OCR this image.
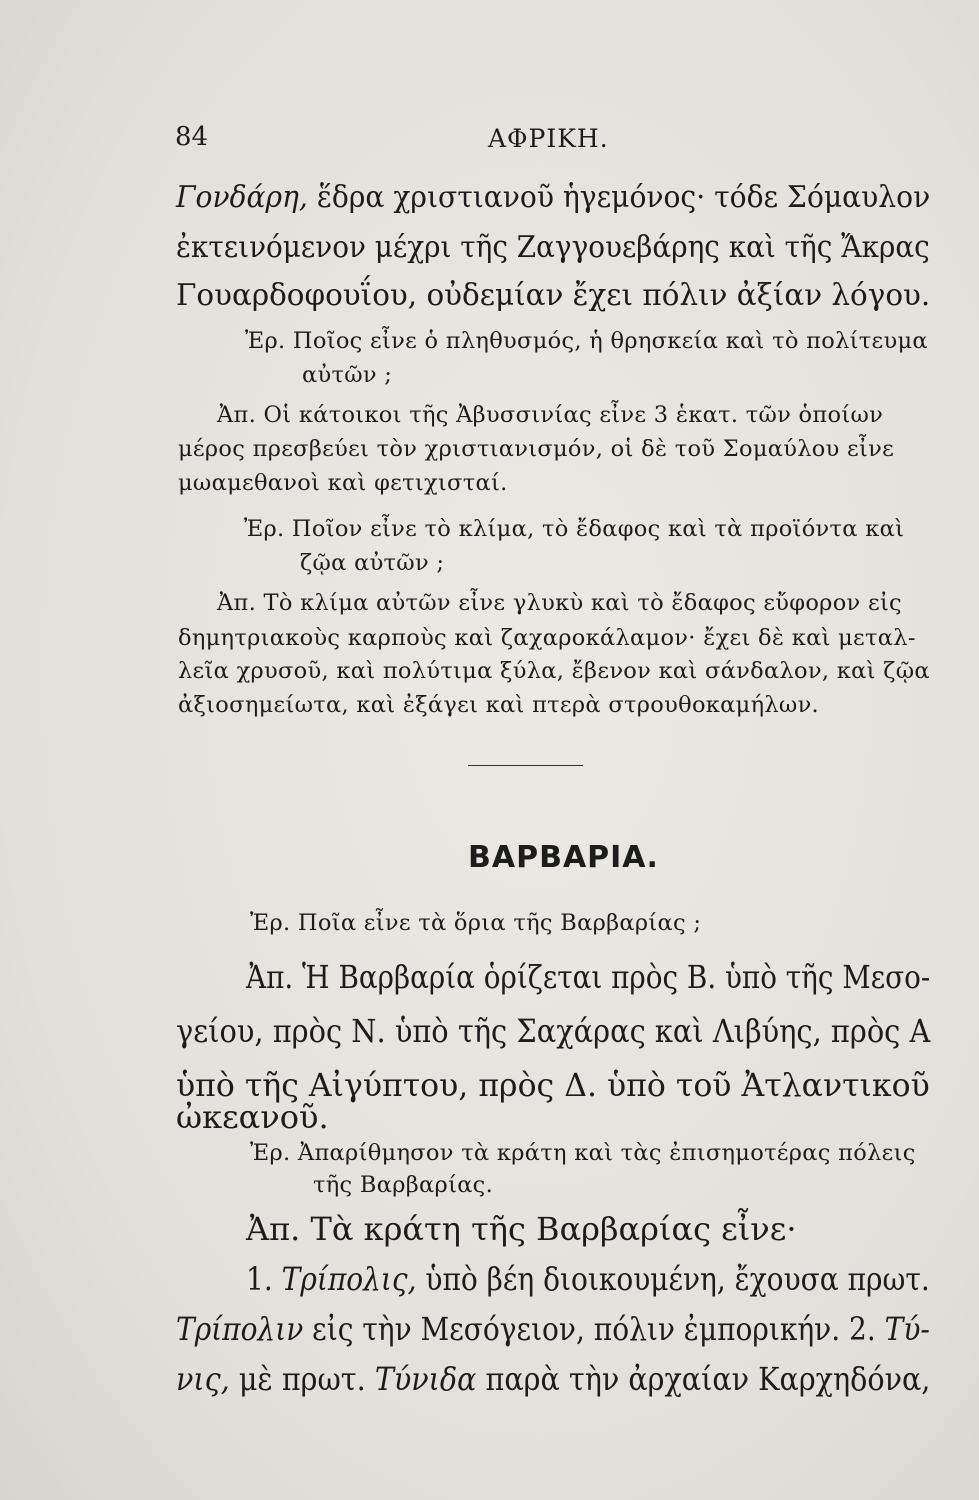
84	ΑΦΡΙΚΗ.
Γονδάρη, ἕδρα χριστιανοῦ ἡγεμόνος· τόδε Σόμαυλον
ἐκτεινόμενον μέχρι τῆς Ζαγγουεβάρης καὶ τῆς Ἄκρας
Γουαρδοφουΐου, οὐδεμίαν ἔχει πόλιν ἀξίαν λόγου.
Ἐρ. Ποῖος εἶνε ὁ πληθυσμός, ἡ θρησκεία καὶ τὸ πολίτευμα
αὐτῶν ;
Ἀπ. Οἱ κάτοικοι τῆς Ἀβυσσινίας εἶνε 3 ἑκατ. τῶν ὁποίων
μέρος πρεσβεύει τὸν χριστιανισμόν, οἱ δὲ τοῦ Σομαύλου εἶνε
μωαμεθανοὶ καὶ φετιχισταί.
Ἐρ. Ποῖον εἶνε τὸ κλίμα, τὸ ἔδαφος καὶ τὰ προϊόντα καὶ
ζῷα αὐτῶν ;
Ἀπ. Τὸ κλίμα αὐτῶν εἶνε γλυκὺ καὶ τὸ ἔδαφος εὔφορον εἰς
δημητριακοὺς καρποὺς καὶ ζαχαροκάλαμον· ἔχει δὲ καὶ μεταλ-
λεῖα χρυσοῦ, καὶ πολύτιμα ξύλα, ἔβενον καὶ σάνδαλον, καὶ ζῷα
ἀξιοσημείωτα, καὶ ἐξάγει καὶ πτερὰ στρουθοκαμήλων.
ΒΑΡΒΑΡΙΑ.
Ἐρ. Ποῖα εἶνε τὰ ὅρια τῆς Βαρβαρίας ;
Ἀπ. Ἡ Βαρβαρία ὁρίζεται πρὸς Β. ὑπὸ τῆς Μεσο-
γείου, πρὸς Ν. ὑπὸ τῆς Σαχάρας καὶ Λιβύης, πρὸς Α
ὑπὸ τῆς Αἰγύπτου, πρὸς Δ. ὑπὸ τοῦ Ἀτλαντικοῦ
ὠκεανοῦ.
Ἐρ. Ἀπαρίθμησον τὰ κράτη καὶ τὰς ἐπισημοτέρας πόλεις
τῆς Βαρβαρίας.
Ἀπ. Τὰ κράτη τῆς Βαρβαρίας εἶνε·
1. Τρίπολις, ὑπὸ βέη διοικουμένη, ἔχουσα πρωτ.
Τρίπολιν εἰς τὴν Μεσόγειον, πόλιν ἐμπορικήν. 2. Τύ-
νις, μὲ πρωτ. Τύνιδα παρὰ τὴν ἀρχαίαν Καρχηδόνα,
